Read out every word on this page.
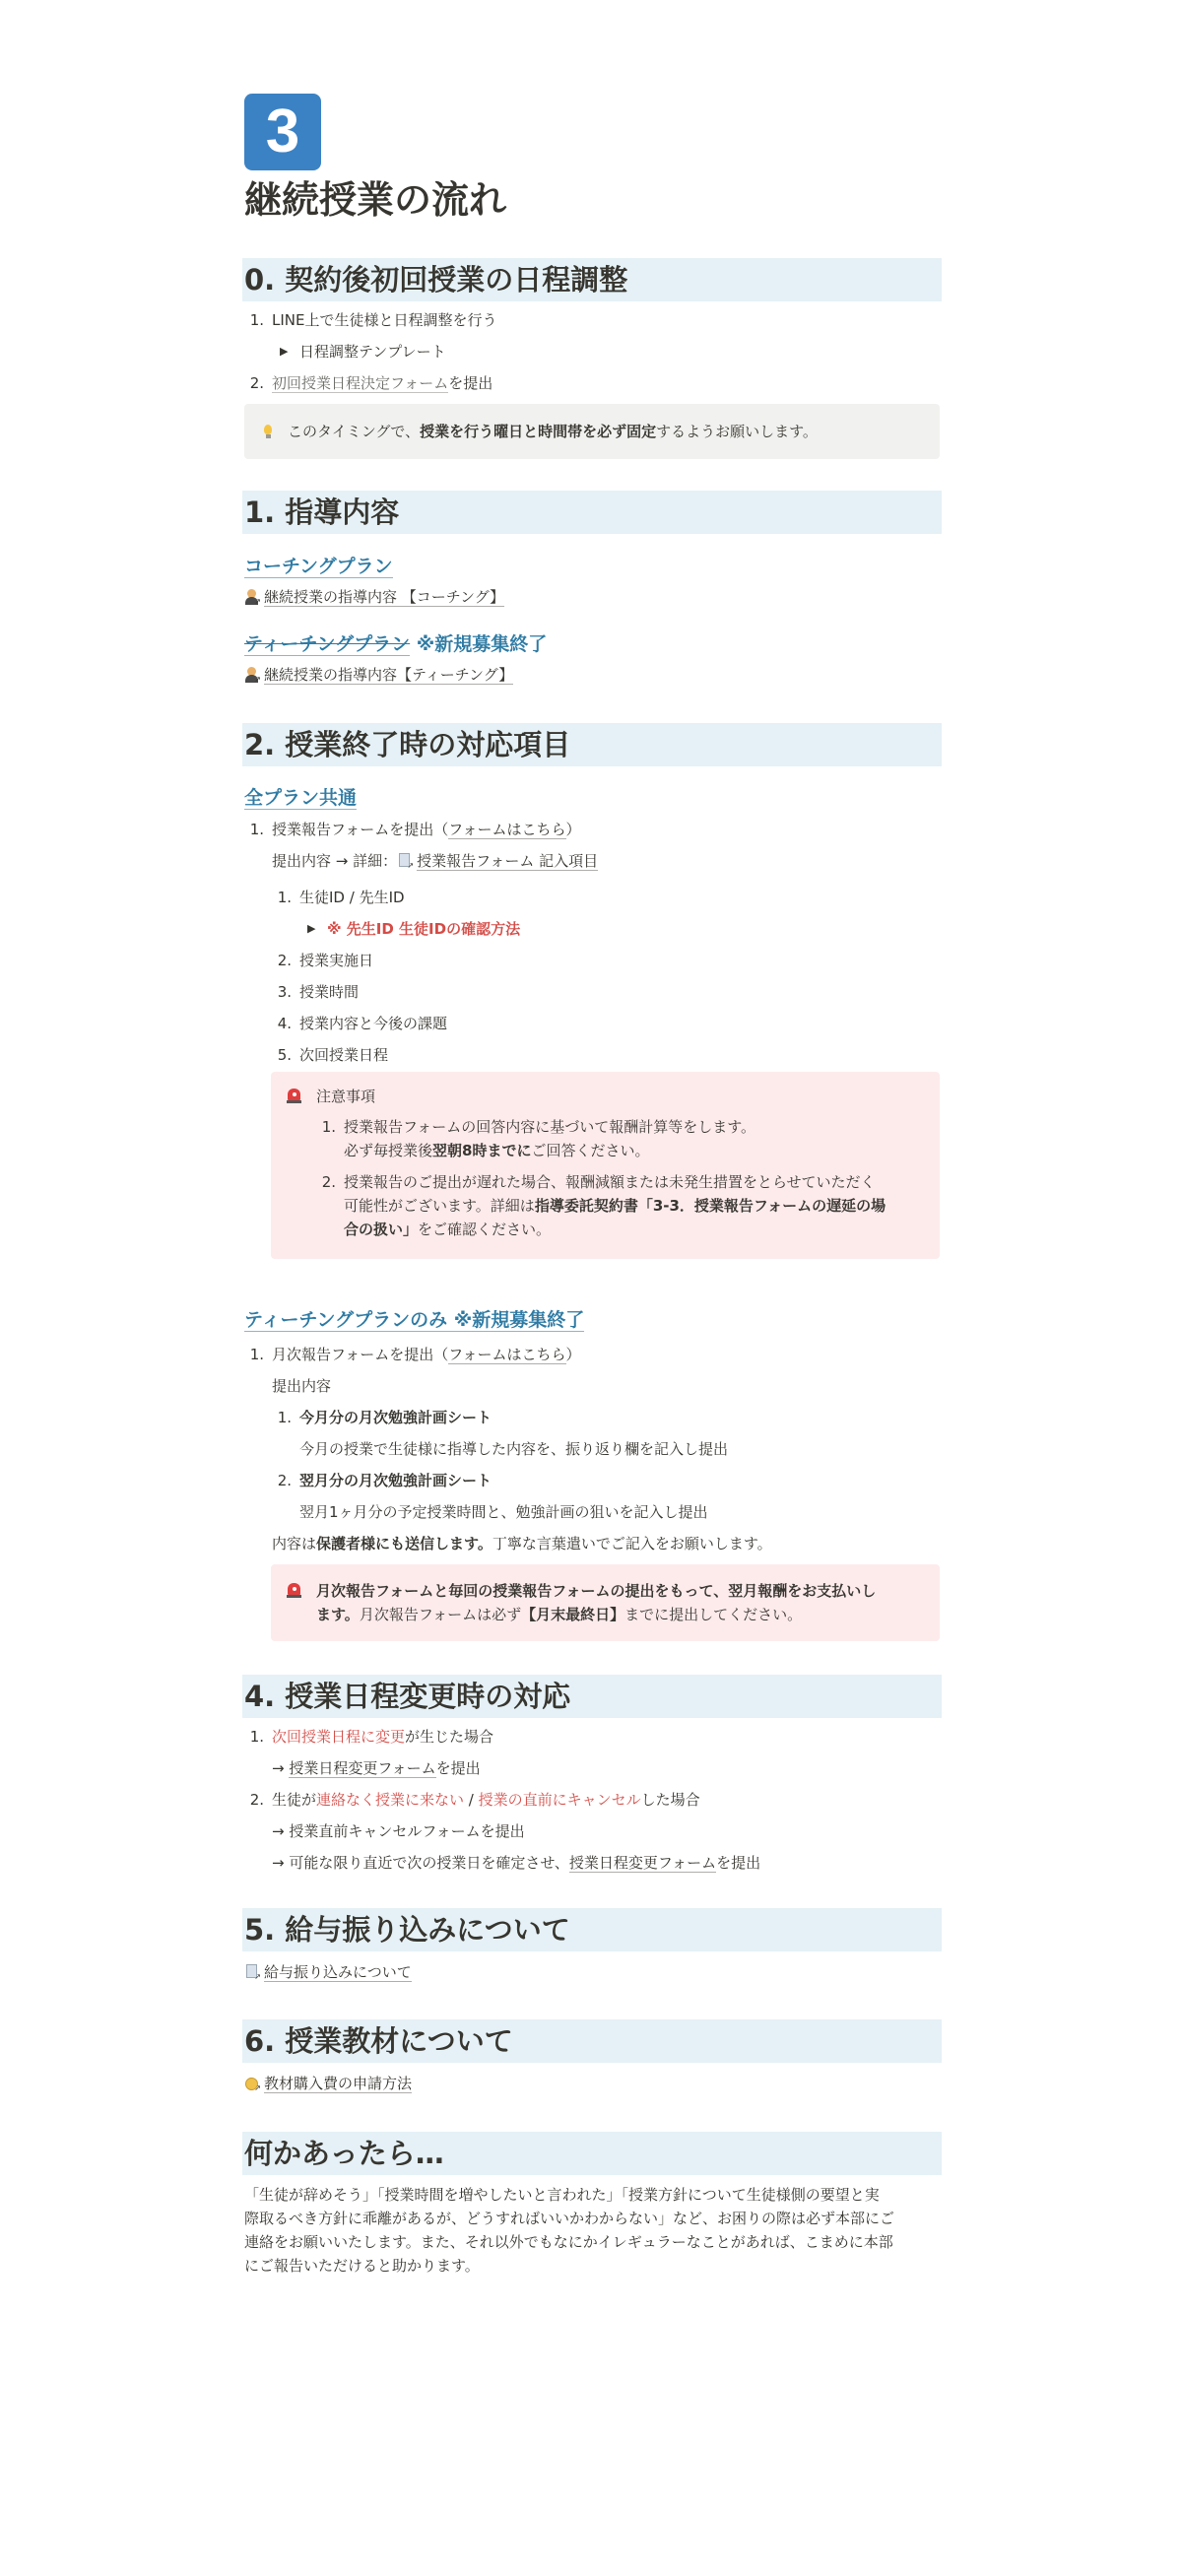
3
継続授業の流れ
0. 契約後初回授業の日程調整
1. LINE上で生徒様と日程調整を行う
▶ 日程調整テンプレート
2. 初回授業日程決定フォームを提出
このタイミングで、授業を行う曜日と時間帯を必ず固定するようお願いします。
1. 指導内容
コーチングプラン
↗ 継続授業の指導内容 【コーチング】
ティーチングプラン ※新規募集終了
↗ 継続授業の指導内容【ティーチング】
2. 授業終了時の対応項目
全プラン共通
1. 授業報告フォームを提出（フォームはこちら）
提出内容 → 詳細： ↗ 授業報告フォーム 記入項目
1. 生徒ID / 先生ID
▶ ※ 先生ID 生徒IDの確認方法
2. 授業実施日
3. 授業時間
4. 授業内容と今後の課題
5. 次回授業日程
注意事項
1. 授業報告フォームの回答内容に基づいて報酬計算等をします。
必ず毎授業後翌朝8時までにご回答ください。
2. 授業報告のご提出が遅れた場合、報酬減額または未発生措置をとらせていただく
可能性がございます。詳細は指導委託契約書「3-3．授業報告フォームの遅延の場
合の扱い」をご確認ください。
ティーチングプランのみ ※新規募集終了
1. 月次報告フォームを提出（フォームはこちら）
提出内容
1. 今月分の月次勉強計画シート
今月の授業で生徒様に指導した内容を、振り返り欄を記入し提出
2. 翌月分の月次勉強計画シート
翌月1ヶ月分の予定授業時間と、勉強計画の狙いを記入し提出
内容は保護者様にも送信します。丁寧な言葉遣いでご記入をお願いします。
月次報告フォームと毎回の授業報告フォームの提出をもって、翌月報酬をお支払いし
ます。月次報告フォームは必ず【月末最終日】までに提出してください。
4. 授業日程変更時の対応
1. 次回授業日程に変更が生じた場合
→ 授業日程変更フォームを提出
2. 生徒が連絡なく授業に来ない / 授業の直前にキャンセルした場合
→ 授業直前キャンセルフォームを提出
→ 可能な限り直近で次の授業日を確定させ、授業日程変更フォームを提出
5. 給与振り込みについて
↗ 給与振り込みについて
6. 授業教材について
↗ 教材購入費の申請方法
何かあったら…
「生徒が辞めそう」「授業時間を増やしたいと言われた」「授業方針について生徒様側の要望と実
際取るべき方針に乖離があるが、どうすればいいかわからない」など、お困りの際は必ず本部にご
連絡をお願いいたします。また、それ以外でもなにかイレギュラーなことがあれば、こまめに本部
にご報告いただけると助かります。
